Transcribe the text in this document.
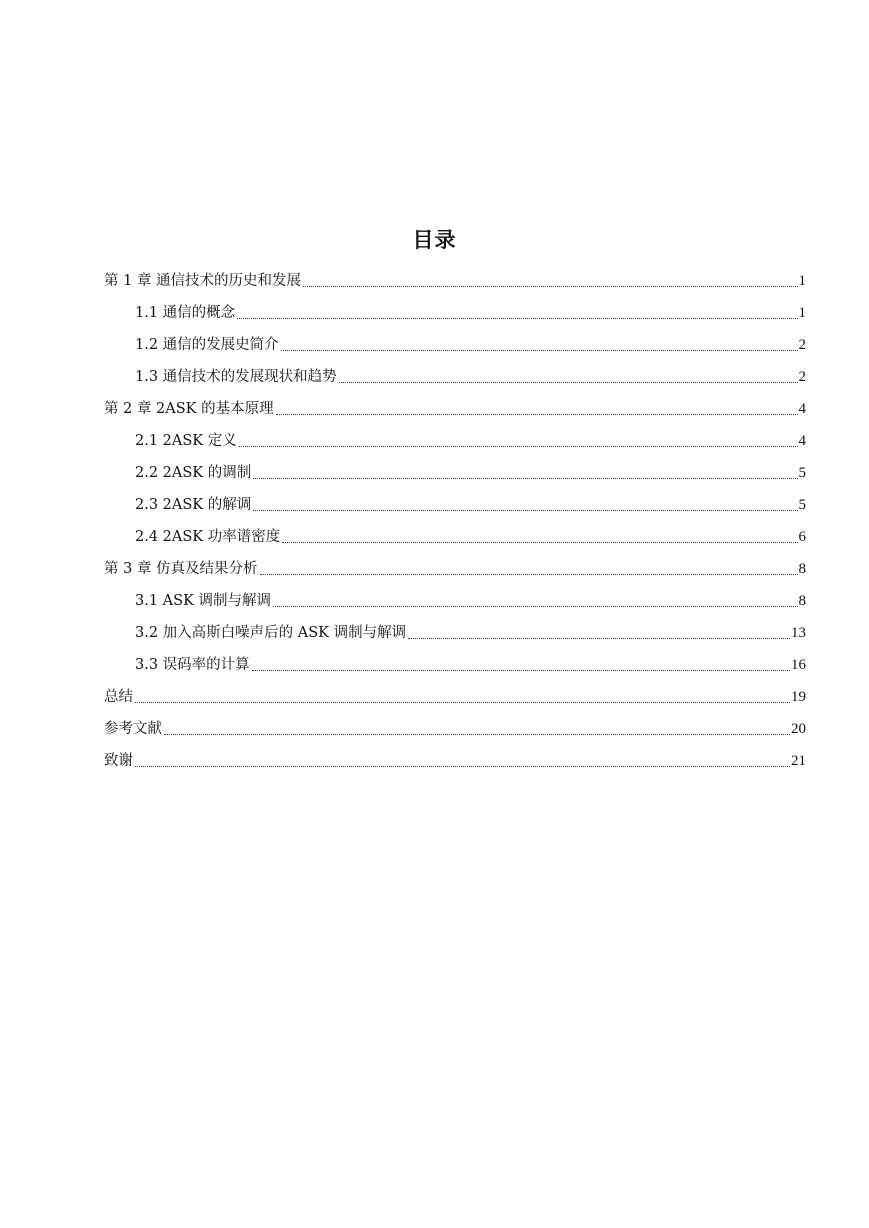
目录
第 1 章 通信技术的历史和发展	1
1.1 通信的概念	1
1.2 通信的发展史简介	2
1.3 通信技术的发展现状和趋势	2
第 2 章 2ASK 的基本原理	4
2.1 2ASK 定义	4
2.2 2ASK 的调制	5
2.3 2ASK 的解调	5
2.4 2ASK 功率谱密度	6
第 3 章 仿真及结果分析	8
3.1 ASK 调制与解调	8
3.2 加入高斯白噪声后的 ASK 调制与解调	13
3.3 误码率的计算	16
总结	19
参考文献	20
致谢	21
